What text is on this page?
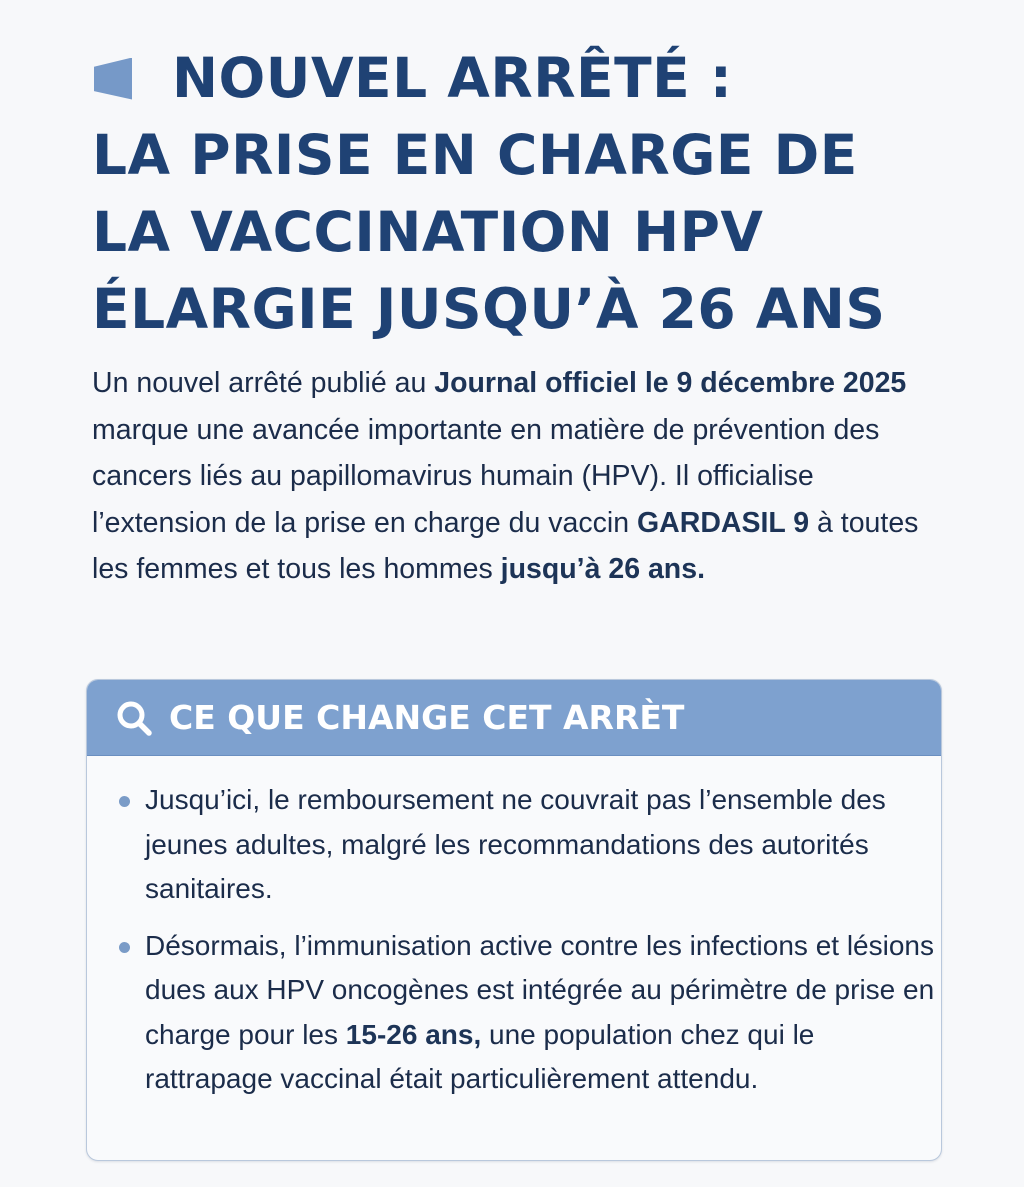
NOUVEL ARRÊTÉ :
LA PRISE EN CHARGE DE
LA VACCINATION HPV
ÉLARGIE JUSQU’À 26 ANS

Un nouvel arrêté publié au Journal officiel le 9 décembre 2025 marque une avancée importante en matière de prévention des cancers liés au papillomavirus humain (HPV). Il officialise l’extension de la prise en charge du vaccin GARDASIL 9 à toutes les femmes et tous les hommes jusqu’à 26 ans.

CE QUE CHANGE CET ARRÈT
Jusqu’ici, le remboursement ne couvrait pas l’ensemble des jeunes adultes, malgré les recommandations des autorités sanitaires.
Désormais, l’immunisation active contre les infections et lésions dues aux HPV oncogènes est intégrée au périmètre de prise en charge pour les 15-26 ans, une population chez qui le rattrapage vaccinal était particulièrement attendu.
